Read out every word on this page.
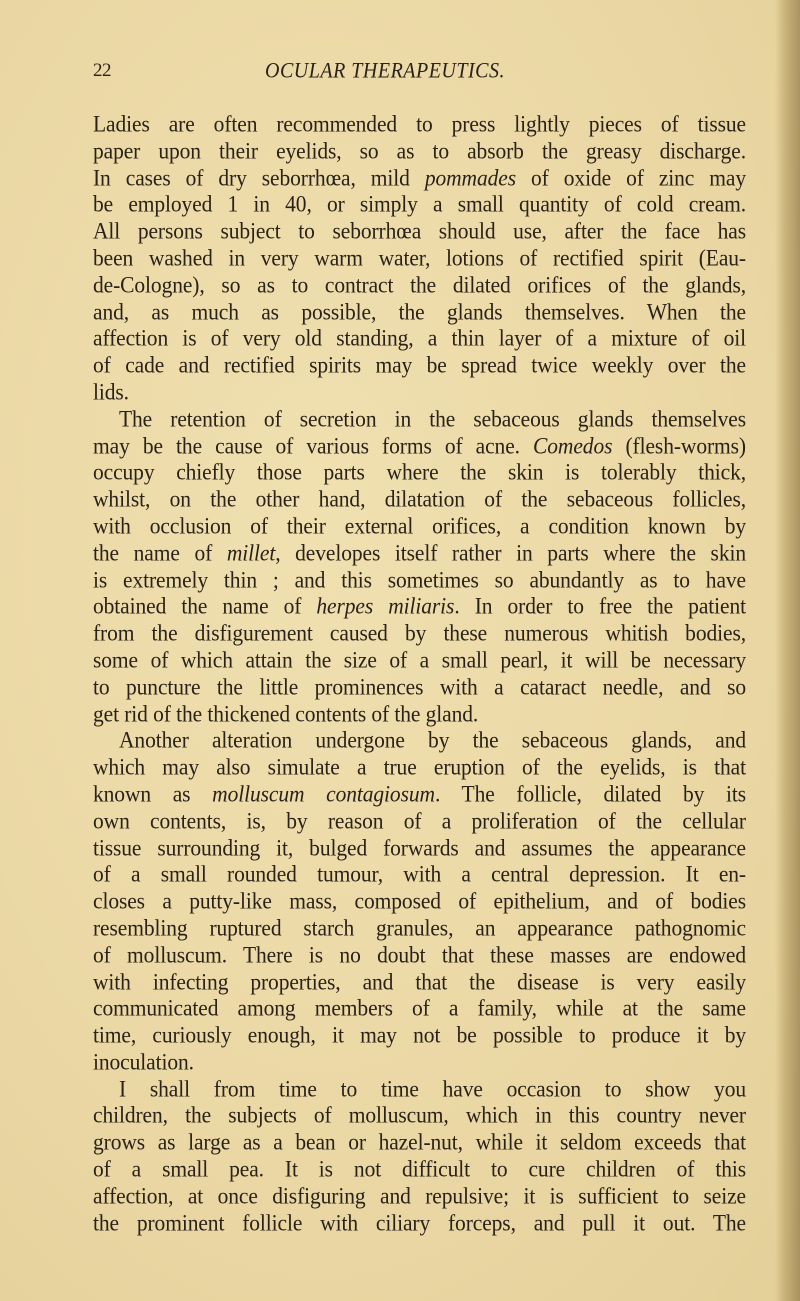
22	OCULAR THERAPEUTICS.
Ladies are often recommended to press lightly pieces of tissue
paper upon their eyelids, so as to absorb the greasy discharge.
In cases of dry seborrhœa, mild pommades of oxide of zinc may
be employed 1 in 40, or simply a small quantity of cold cream.
All persons subject to seborrhœa should use, after the face has
been washed in very warm water, lotions of rectified spirit (Eau-
de-Cologne), so as to contract the dilated orifices of the glands,
and, as much as possible, the glands themselves. When the
affection is of very old standing, a thin layer of a mixture of oil
of cade and rectified spirits may be spread twice weekly over the
lids.
The retention of secretion in the sebaceous glands themselves
may be the cause of various forms of acne. Comedos (flesh-worms)
occupy chiefly those parts where the skin is tolerably thick,
whilst, on the other hand, dilatation of the sebaceous follicles,
with occlusion of their external orifices, a condition known by
the name of millet, developes itself rather in parts where the skin
is extremely thin ; and this sometimes so abundantly as to have
obtained the name of herpes miliaris. In order to free the patient
from the disfigurement caused by these numerous whitish bodies,
some of which attain the size of a small pearl, it will be necessary
to puncture the little prominences with a cataract needle, and so
get rid of the thickened contents of the gland.
Another alteration undergone by the sebaceous glands, and
which may also simulate a true eruption of the eyelids, is that
known as molluscum contagiosum. The follicle, dilated by its
own contents, is, by reason of a proliferation of the cellular
tissue surrounding it, bulged forwards and assumes the appearance
of a small rounded tumour, with a central depression. It en-
closes a putty-like mass, composed of epithelium, and of bodies
resembling ruptured starch granules, an appearance pathognomic
of molluscum. There is no doubt that these masses are endowed
with infecting properties, and that the disease is very easily
communicated among members of a family, while at the same
time, curiously enough, it may not be possible to produce it by
inoculation.
I shall from time to time have occasion to show you
children, the subjects of molluscum, which in this country never
grows as large as a bean or hazel-nut, while it seldom exceeds that
of a small pea. It is not difficult to cure children of this
affection, at once disfiguring and repulsive; it is sufficient to seize
the prominent follicle with ciliary forceps, and pull it out. The
